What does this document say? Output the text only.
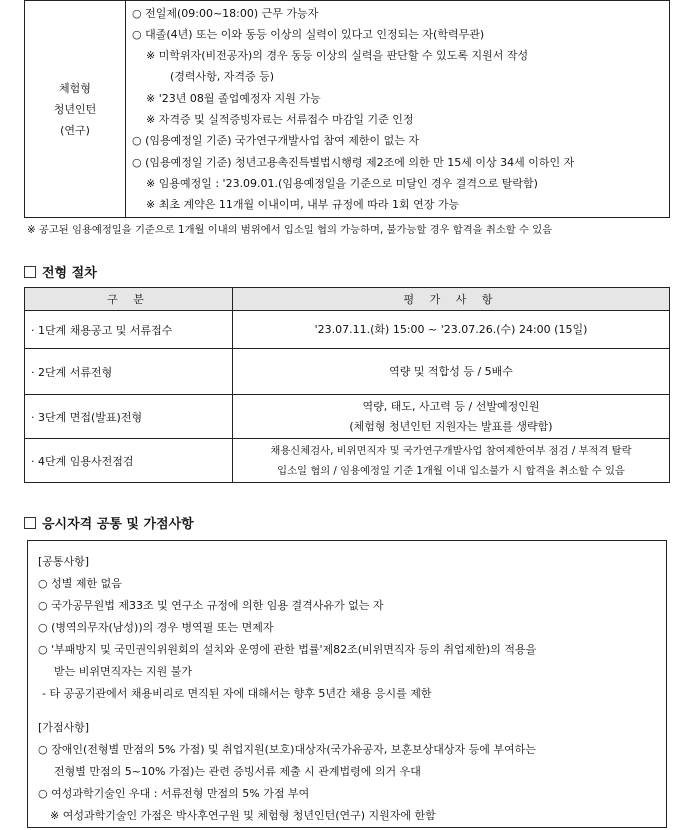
체험형
청년인턴
(연구)

○ 전일제(09:00~18:00) 근무 가능자
○ 대졸(4년) 또는 이와 동등 이상의 실력이 있다고 인정되는 자(학력무관)
※ 미학위자(비전공자)의 경우 동등 이상의 실력을 판단할 수 있도록 지원서 작성
(경력사항, 자격증 등)
※ '23년 08월 졸업예정자 지원 가능
※ 자격증 및 실적증빙자료는 서류접수 마감일 기준 인정
○ (임용예정일 기준) 국가연구개발사업 참여 제한이 없는 자
○ (임용예정일 기준) 청년고용촉진특별법시행령 제2조에 의한 만 15세 이상 34세 이하인 자
※ 임용예정일 : '23.09.01.(임용예정일을 기준으로 미달인 경우 결격으로 탈락함)
※ 최초 계약은 11개월 이내이며, 내부 규정에 따라 1회 연장 가능
※ 공고된 임용예정일을 기준으로 1개월 이내의 범위에서 입소일 협의 가능하며, 불가능할 경우 합격을 취소할 수 있음
전형 절차
구 분	평 가 사 항
· 1단계 채용공고 및 서류접수	'23.07.11.(화) 15:00 ~ '23.07.26.(수) 24:00 (15일)

· 2단계 서류전형	역량 및 적합성 등 / 5배수

· 3단계 면접(발표)전형	역량, 태도, 사고력 등 / 선발예정인원
(체험형 청년인턴 지원자는 발표를 생략함)

· 4단계 임용사전점검	채용신체검사, 비위면직자 및 국가연구개발사업 참여제한여부 점검 / 부적격 탈락
입소일 협의 / 임용예정일 기준 1개월 이내 입소불가 시 합격을 취소할 수 있음
응시자격 공통 및 가점사항
[공통사항]
○ 성별 제한 없음
○ 국가공무원법 제33조 및 연구소 규정에 의한 임용 결격사유가 없는 자
○ (병역의무자(남성))의 경우 병역필 또는 면제자
○ '부패방지 및 국민권익위원회의 설치와 운영에 관한 법률'제82조(비위면직자 등의 취업제한)의 적용을
받는 비위면직자는 지원 불가
- 타 공공기관에서 채용비리로 면직된 자에 대해서는 향후 5년간 채용 응시를 제한
[가점사항]
○ 장애인(전형별 만점의 5% 가점) 및 취업지원(보호)대상자(국가유공자, 보훈보상대상자 등에 부여하는
전형별 만점의 5~10% 가점)는 관련 증빙서류 제출 시 관계법령에 의거 우대
○ 여성과학기술인 우대 : 서류전형 만점의 5% 가점 부여
※ 여성과학기술인 가점은 박사후연구원 및 체험형 청년인턴(연구) 지원자에 한함
